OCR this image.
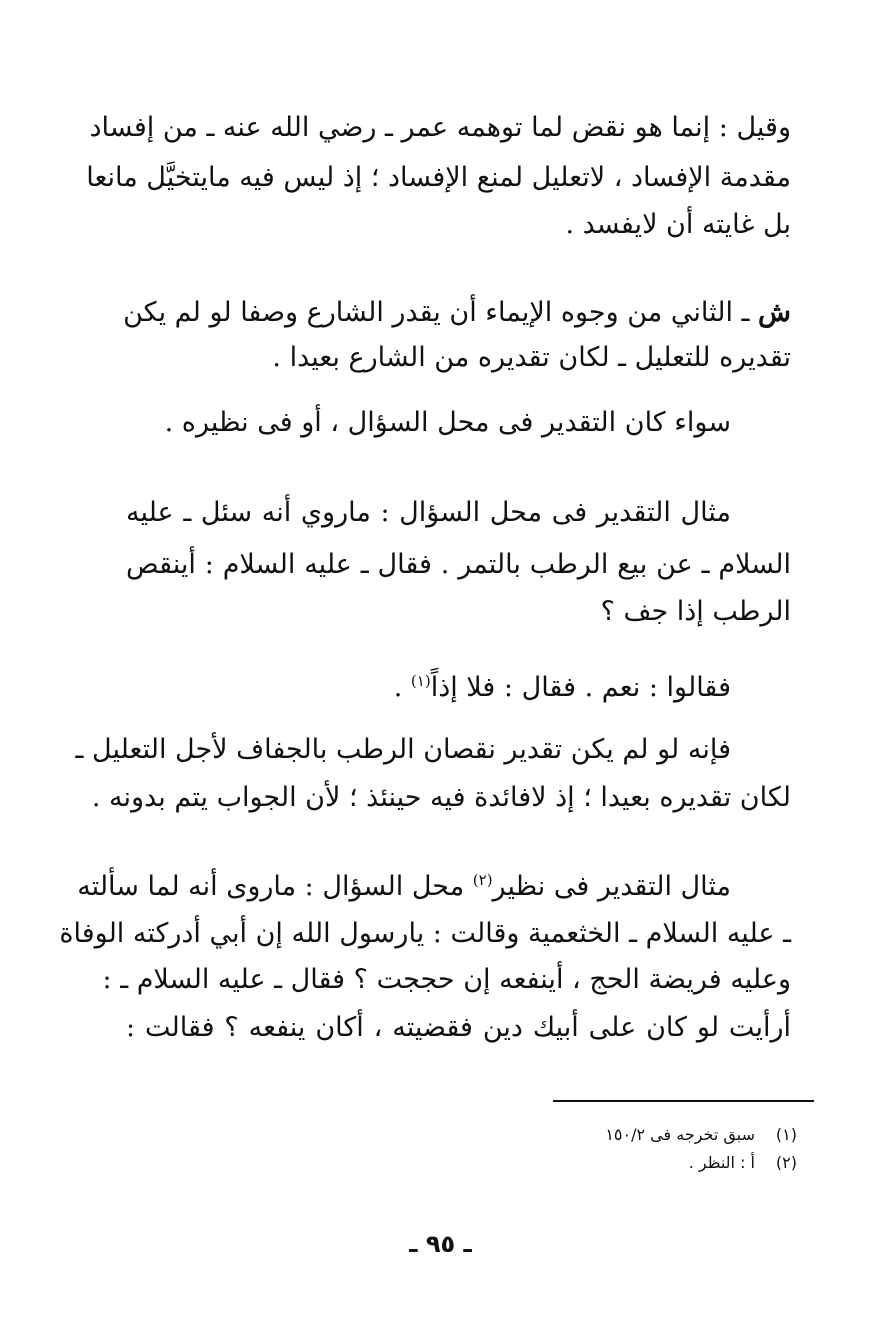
وقيل : إنما هو نقض لما توهمه عمر ـ رضي الله عنه ـ من إفساد
مقدمة الإفساد ، لاتعليل لمنع الإفساد ؛ إذ ليس فيه مايتخيَّل مانعا
بل غايته أن لايفسد .
ش ـ الثاني من وجوه الإيماء أن يقدر الشارع وصفا لو لم يكن
تقديره للتعليل ـ لكان تقديره من الشارع بعيدا .
سواء كان التقدير فى محل السؤال ، أو فى نظيره .
مثال التقدير فى محل السؤال : ماروي أنه سئل ـ عليه
السلام ـ عن بيع الرطب بالتمر . فقال ـ عليه السلام : أينقص
الرطب إذا جف ؟
فقالوا : نعم . فقال : فلا إذاً$^{(١)}$ .
فإنه لو لم يكن تقدير نقصان الرطب بالجفاف لأجل التعليل ـ
لكان تقديره بعيدا ؛ إذ لافائدة فيه حينئذ ؛ لأن الجواب يتم بدونه .
مثال التقدير فى نظير$^{(٢)}$ محل السؤال : ماروى أنه لما سألته
ـ عليه السلام ـ الخثعمية وقالت : يارسول الله إن أبي أدركته الوفاة
وعليه فريضة الحج ، أينفعه إن حججت ؟ فقال ـ عليه السلام ـ :
أرأيت لو كان على أبيك دين فقضيته ، أكان ينفعه ؟ فقالت :
(١)سبق تخرجه فى ١٥٠/٢
(٢)أ : النظر .
ـ ٩٥ ـ
